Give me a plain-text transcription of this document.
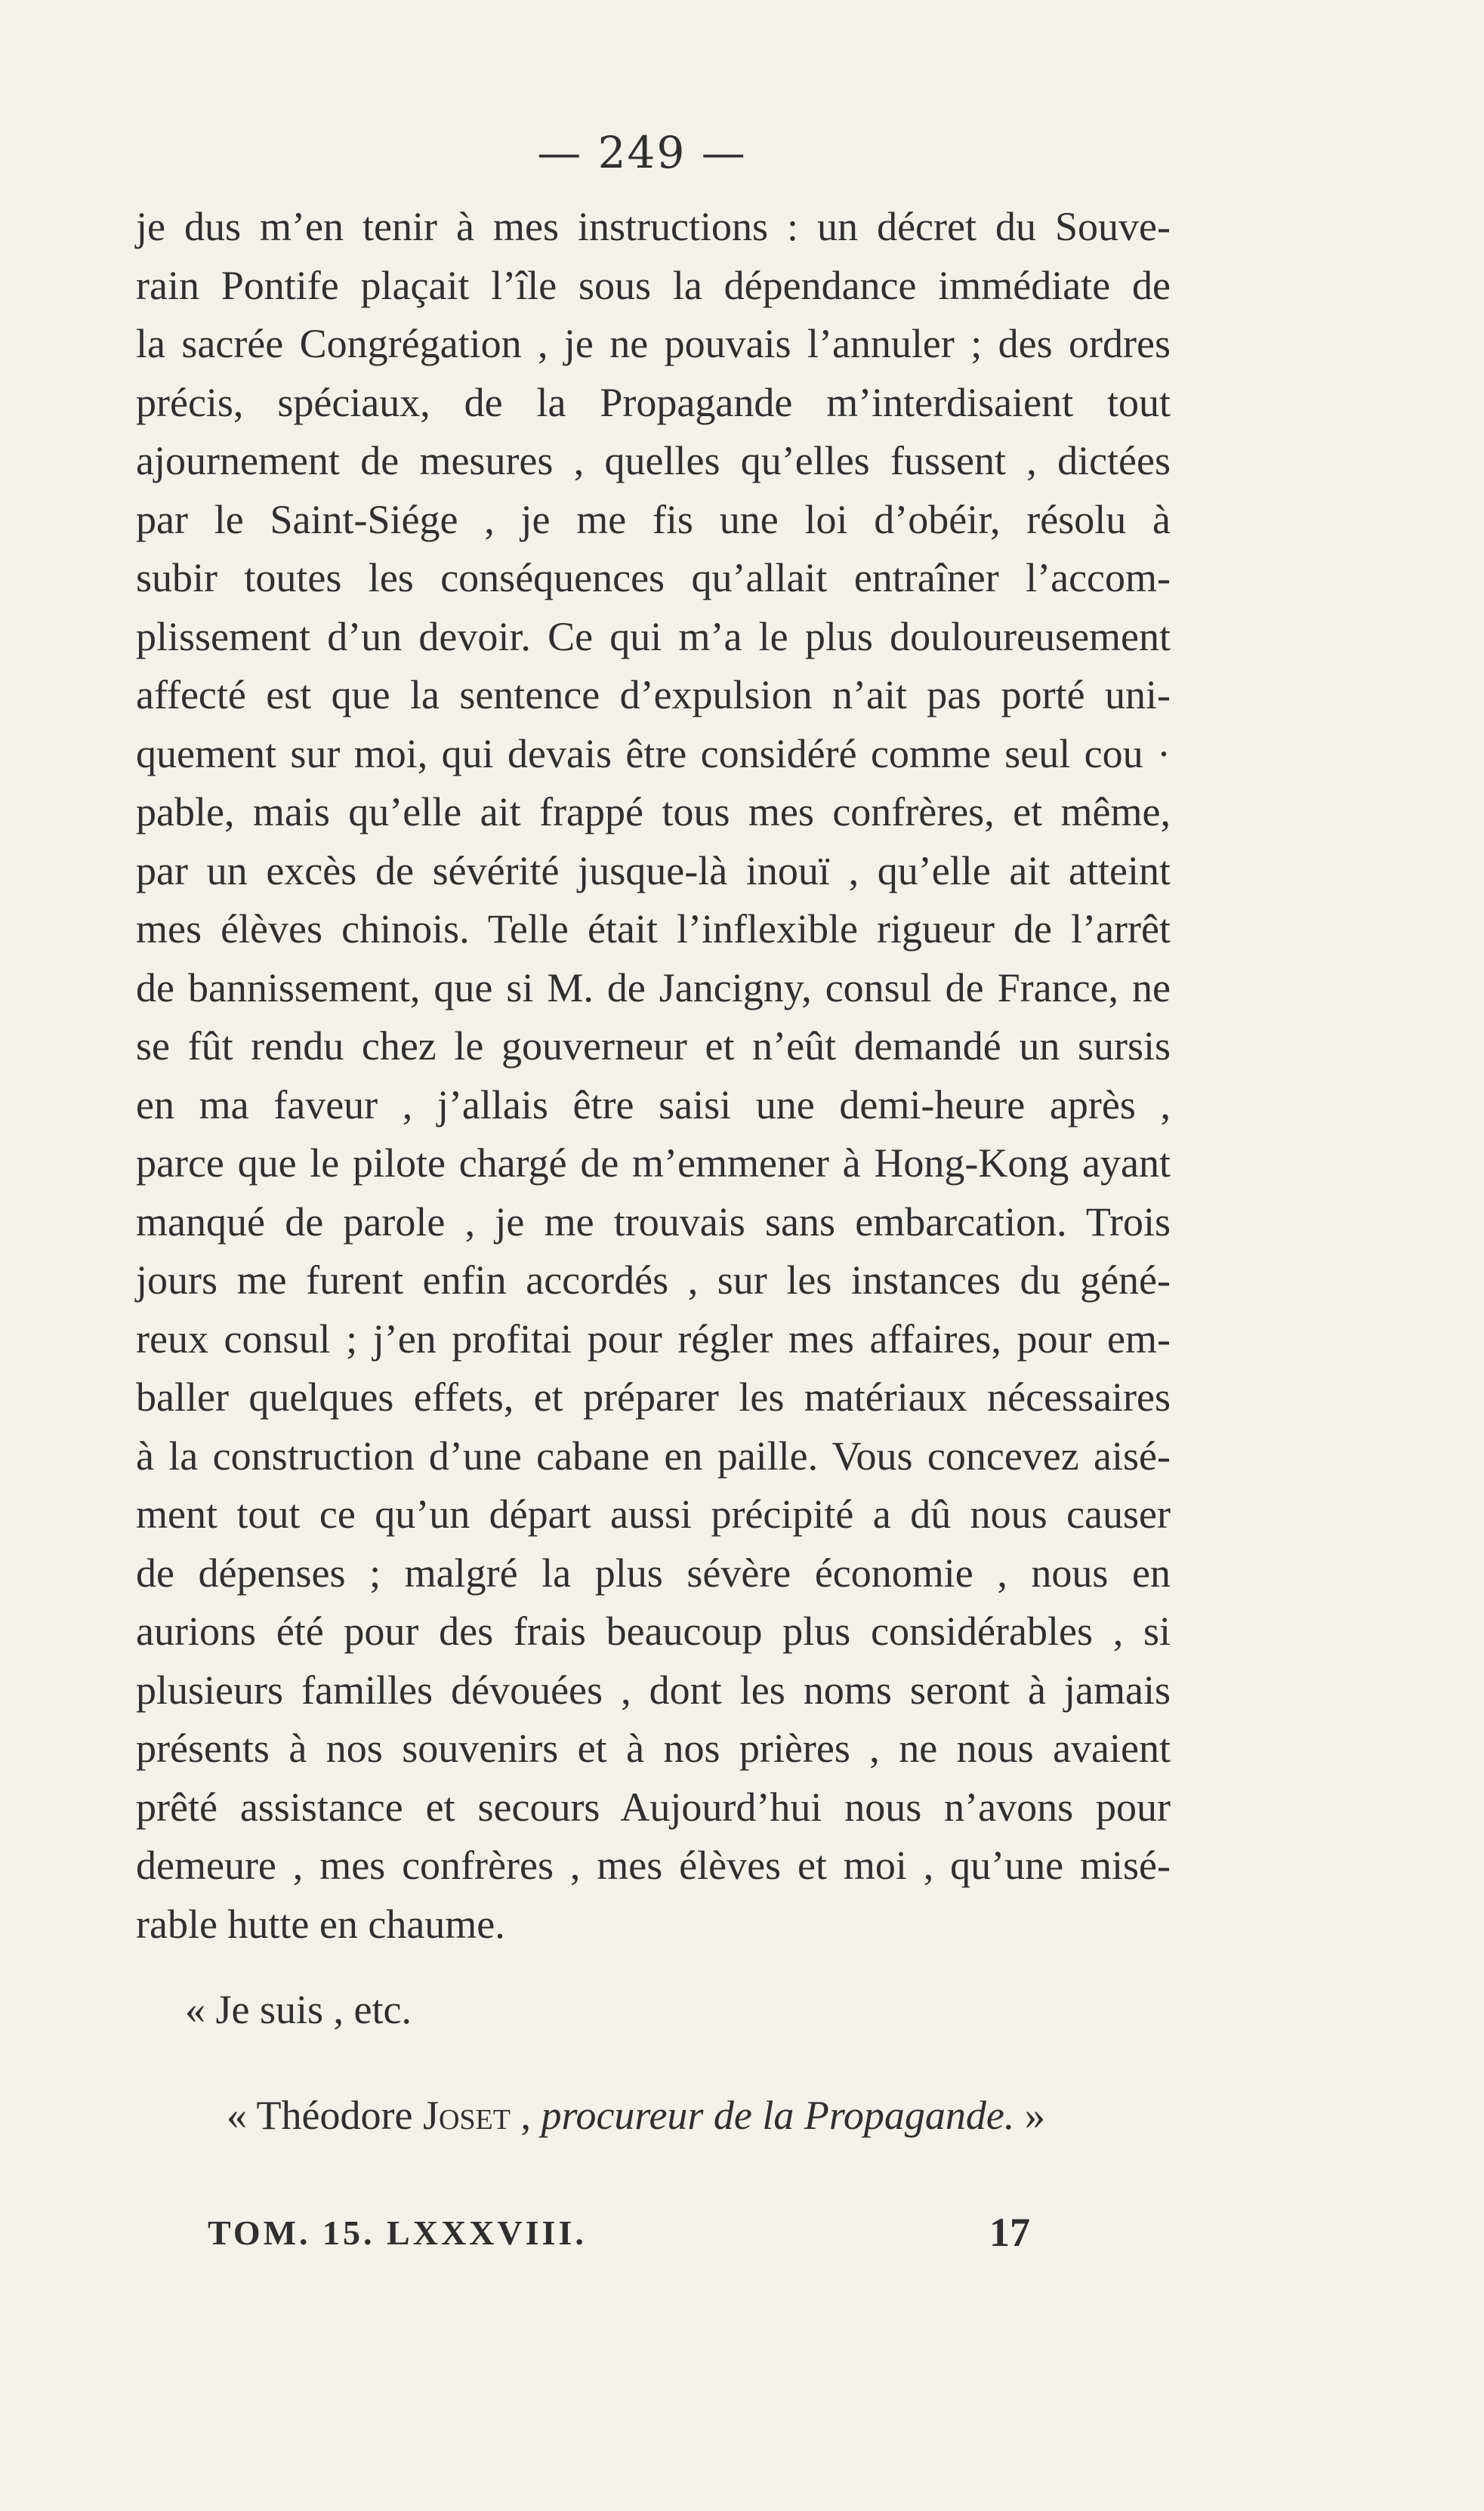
— 249 —
je dus m’en tenir à mes instructions : un décret du Souve-
rain Pontife plaçait l’île sous la dépendance immédiate de
la sacrée Congrégation , je ne pouvais l’annuler ; des ordres
précis, spéciaux, de la Propagande m’interdisaient tout
ajournement de mesures , quelles qu’elles fussent , dictées
par le Saint-Siége , je me fis une loi d’obéir, résolu à
subir toutes les conséquences qu’allait entraîner l’accom-
plissement d’un devoir. Ce qui m’a le plus douloureusement
affecté est que la sentence d’expulsion n’ait pas porté uni-
quement sur moi, qui devais être considéré comme seul cou ·
pable, mais qu’elle ait frappé tous mes confrères, et même,
par un excès de sévérité jusque-là inouï , qu’elle ait atteint
mes élèves chinois. Telle était l’inflexible rigueur de l’arrêt
de bannissement, que si M. de Jancigny, consul de France, ne
se fût rendu chez le gouverneur et n’eût demandé un sursis
en ma faveur , j’allais être saisi une demi-heure après ,
parce que le pilote chargé de m’emmener à Hong-Kong ayant
manqué de parole , je me trouvais sans embarcation. Trois
jours me furent enfin accordés , sur les instances du géné-
reux consul ; j’en profitai pour régler mes affaires, pour em-
baller quelques effets, et préparer les matériaux nécessaires
à la construction d’une cabane en paille. Vous concevez aisé-
ment tout ce qu’un départ aussi précipité a dû nous causer
de dépenses ; malgré la plus sévère économie , nous en
aurions été pour des frais beaucoup plus considérables , si
plusieurs familles dévouées , dont les noms seront à jamais
présents à nos souvenirs et à nos prières , ne nous avaient
prêté assistance et secours Aujourd’hui nous n’avons pour
demeure , mes confrères , mes élèves et moi , qu’une misé-
rable hutte en chaume.
« Je suis , etc.
« Théodore Joset , procureur de la Propagande. »
TOM. 15. LXXXVIII.	17
